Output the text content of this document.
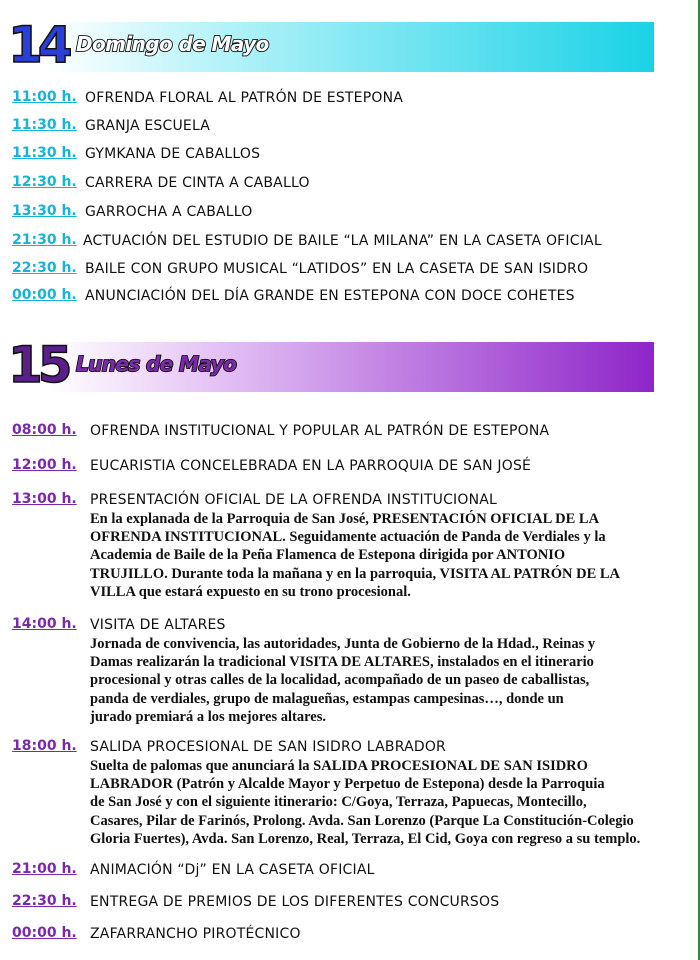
14 Domingo de Mayo
11:00 h. OFRENDA FLORAL AL PATRÓN DE ESTEPONA
11:30 h. GRANJA ESCUELA
11:30 h. GYMKANA DE CABALLOS
12:30 h. CARRERA DE CINTA A CABALLO
13:30 h. GARROCHA A CABALLO
21:30 h. ACTUACIÓN DEL ESTUDIO DE BAILE “LA MILANA” EN LA CASETA OFICIAL
22:30 h. BAILE CON GRUPO MUSICAL “LATIDOS” EN LA CASETA DE SAN ISIDRO
00:00 h. ANUNCIACIÓN DEL DÍA GRANDE EN ESTEPONA CON DOCE COHETES
15 Lunes de Mayo
08:00 h. OFRENDA INSTITUCIONAL Y POPULAR AL PATRÓN DE ESTEPONA
12:00 h. EUCARISTIA CONCELEBRADA EN LA PARROQUIA DE SAN JOSÉ
13:00 h. PRESENTACIÓN OFICIAL DE LA OFRENDA INSTITUCIONAL
En la explanada de la Parroquia de San José, PRESENTACIÓN OFICIAL DE LA
OFRENDA INSTITUCIONAL. Seguidamente actuación de Panda de Verdiales y la
Academia de Baile de la Peña Flamenca de Estepona dirigida por ANTONIO
TRUJILLO. Durante toda la mañana y en la parroquia, VISITA AL PATRÓN DE LA
VILLA que estará expuesto en su trono procesional.
14:00 h. VISITA DE ALTARES
Jornada de convivencia, las autoridades, Junta de Gobierno de la Hdad., Reinas y
Damas realizarán la tradicional VISITA DE ALTARES, instalados en el itinerario
procesional y otras calles de la localidad, acompañado de un paseo de caballistas,
panda de verdiales, grupo de malagueñas, estampas campesinas…, donde un
jurado premiará a los mejores altares.
18:00 h. SALIDA PROCESIONAL DE SAN ISIDRO LABRADOR
Suelta de palomas que anunciará la SALIDA PROCESIONAL DE SAN ISIDRO
LABRADOR (Patrón y Alcalde Mayor y Perpetuo de Estepona) desde la Parroquia
de San José y con el siguiente itinerario: C/Goya, Terraza, Papuecas, Montecillo,
Casares, Pilar de Farinós, Prolong. Avda. San Lorenzo (Parque La Constitución-Colegio
Gloria Fuertes), Avda. San Lorenzo, Real, Terraza, El Cid, Goya con regreso a su templo.
21:00 h. ANIMACIÓN “Dj” EN LA CASETA OFICIAL
22:30 h. ENTREGA DE PREMIOS DE LOS DIFERENTES CONCURSOS
00:00 h. ZAFARRANCHO PIROTÉCNICO
